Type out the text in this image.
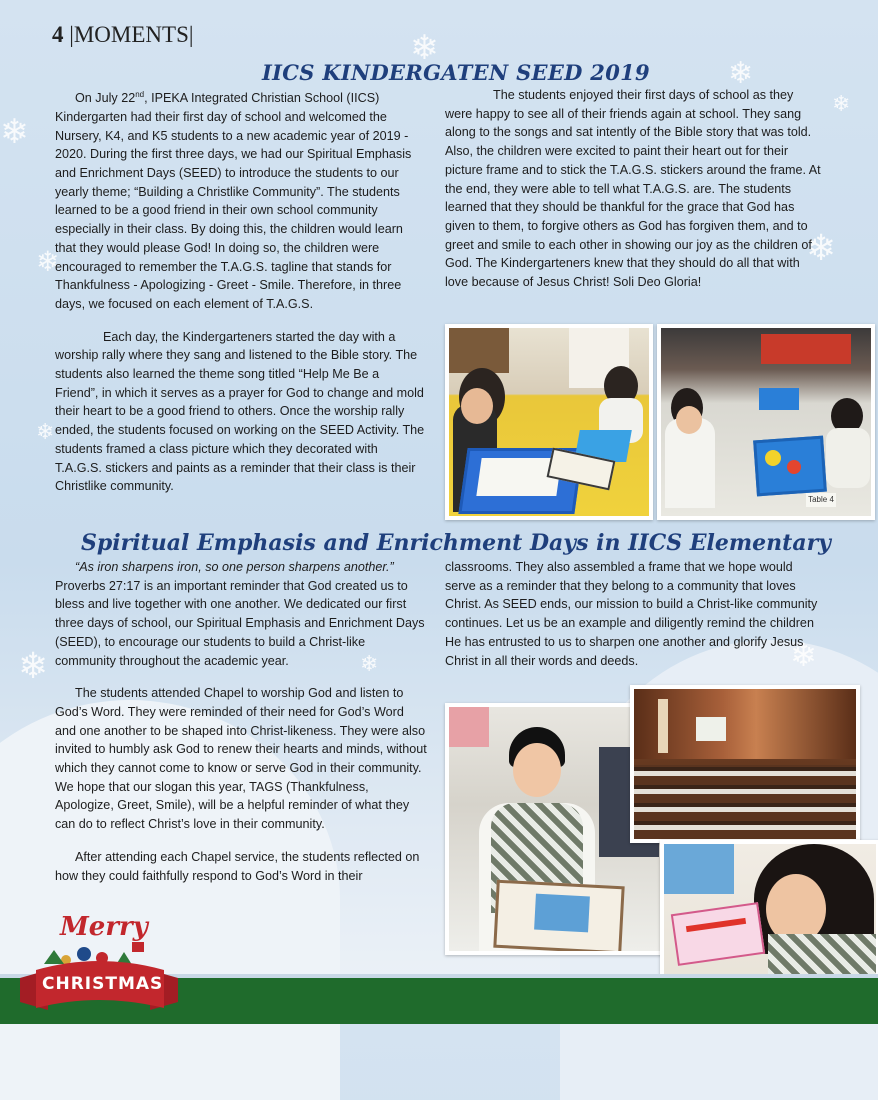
❄
❄
❄
❄
❄
❄
❄
❄	❄
❄
4 |MOMENTS|
IICS KINDERGATEN SEED 2019

On July 22nd, IPEKA Integrated Christian School (IICS) Kindergarten had their first day of school and welcomed the Nursery, K4, and K5 students to a new academic year of 2019 - 2020. During the first three days, we had our Spiritual Emphasis and Enrichment Days (SEED) to introduce the students to our yearly theme; “Building a Christlike Community”. The students learned to be a good friend in their own school community especially in their class. By doing this, the children would learn that they would please God! In doing so, the children were encouraged to remember the T.A.G.S. tagline that stands for Thankfulness - Apologizing - Greet - Smile. Therefore, in three days, we focused on each element of T.A.G.S.

Each day, the Kindergarteners started the day with a worship rally where they sang and listened to the Bible story. The students also learned the theme song titled “Help Me Be a Friend”, in which it serves as a prayer for God to change and mold their heart to be a good friend to others. Once the worship rally ended, the students focused on working on the SEED Activity. The students framed a class picture which they decorated with T.A.G.S. stickers and paints as a reminder that their class is their Christlike community.

The students enjoyed their first days of school as they were happy to see all of their friends again at school. They sang along to the songs and sat intently of the Bible story that was told. Also, the children were excited to paint their heart out for their picture frame and to stick the T.A.G.S. stickers around the frame. At the end, they were able to tell what T.A.G.S. are. The students learned that they should be thankful for the grace that God has given to them, to forgive others as God has forgiven them, and to greet and smile to each other in showing our joy as the children of God. The Kindergarteners knew that they should do all that with love because of Jesus Christ! Soli Deo Gloria!

Table 4
Spiritual Emphasis and Enrichment Days in IICS Elementary

“As iron sharpens iron, so one person sharpens another.”

Proverbs 27:17 is an important reminder that God created us to bless and live together with one another. We dedicated our first three days of school, our Spiritual Emphasis and Enrichment Days (SEED), to encourage our students to build a Christ-like community throughout the academic year.

The students attended Chapel to worship God and listen to God’s Word. They were reminded of their need for God’s Word and one another to be shaped into Christ-likeness. They were also invited to humbly ask God to renew their hearts and minds, without which they cannot come to know or serve God in their community. We hope that our slogan this year, TAGS (Thankfulness, Apologize, Greet, Smile), will be a helpful reminder of what they can do to reflect Christ’s love in their community.

After attending each Chapel service, the students reflected on how they could faithfully respond to God’s Word in their

classrooms. They also assembled a frame that we hope would serve as a reminder that they belong to a community that loves Christ. As SEED ends, our mission to build a Christ-like community continues. Let us be an example and diligently remind the children He has entrusted to us to sharpen one another and glorify Jesus Christ in all their words and deeds.

Merry
CHRISTMAS
